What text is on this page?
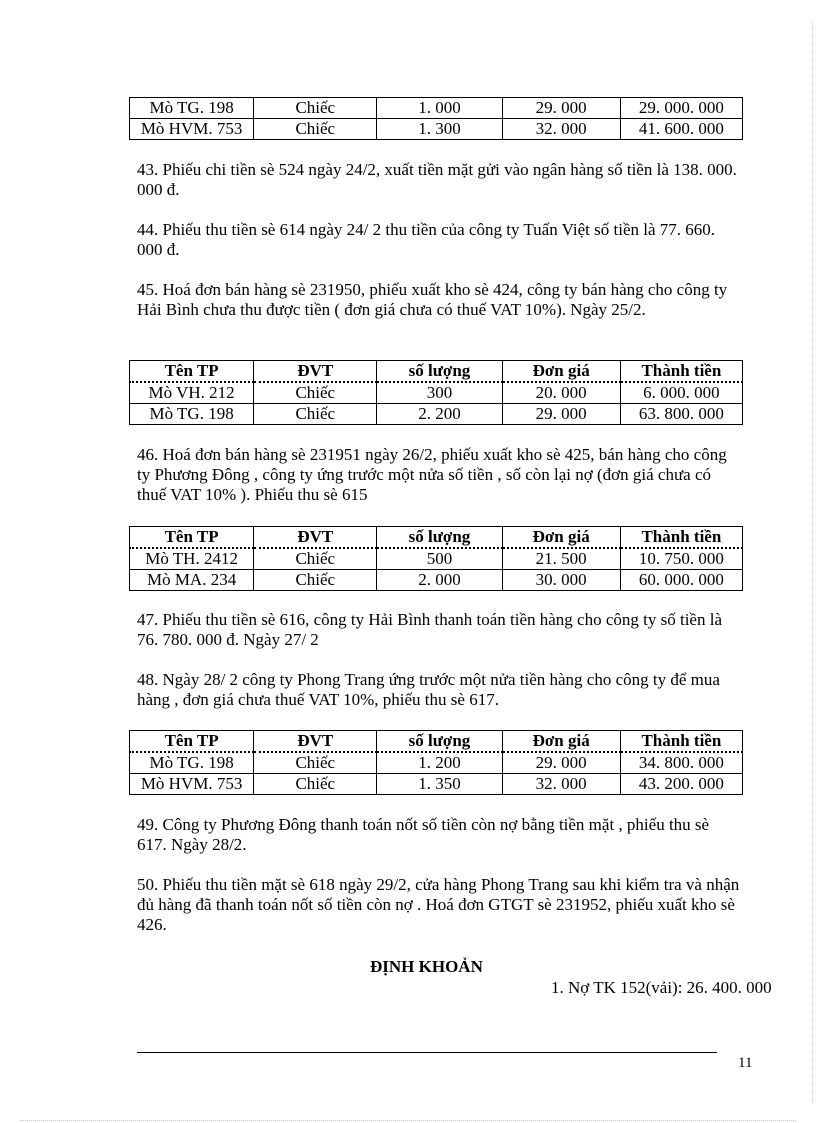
Mò TG. 198	Chiếc	1. 000	29. 000	29. 000. 000
Mò HVM. 753	Chiếc	1. 300	32. 000	41. 600. 000
43. Phiếu chi tiền sè 524 ngày 24/2, xuất tiền mặt gửi vào ngân hàng số tiền là 138. 000. 000 đ.
44. Phiếu thu tiền sè 614 ngày 24/ 2 thu tiền của công ty Tuấn Việt số tiền là 77. 660. 000 đ.
45. Hoá đơn bán hàng sè 231950, phiếu xuất kho sè 424, công ty bán hàng cho công ty Hải Bình chưa thu được tiền ( đơn giá chưa có thuế VAT 10%). Ngày 25/2.
Tên TP	ĐVT	số lượng	Đơn giá	Thành tiền
Mò VH. 212	Chiếc	300	20. 000	6. 000. 000
Mò TG. 198	Chiếc	2. 200	29. 000	63. 800. 000
46. Hoá đơn bán hàng sè 231951 ngày 26/2, phiếu xuất kho sè 425, bán hàng cho công ty Phương Đông , công ty ứng trước một nửa số tiền , số còn lại nợ (đơn giá chưa có thuế VAT 10% ). Phiếu thu sè 615
Tên TP	ĐVT	số lượng	Đơn giá	Thành tiền
Mò TH. 2412	Chiếc	500	21. 500	10. 750. 000
Mò MA. 234	Chiếc	2. 000	30. 000	60. 000. 000
47. Phiếu thu tiền sè 616, công ty Hải Bình thanh toán tiền hàng cho công ty số tiền là 76. 780. 000 đ. Ngày 27/ 2
48. Ngày 28/ 2 công ty Phong Trang ứng trước một nửa tiền hàng cho công ty để mua hàng , đơn giá chưa thuế VAT 10%, phiếu thu sè 617.
Tên TP	ĐVT	số lượng	Đơn giá	Thành tiền
Mò TG. 198	Chiếc	1. 200	29. 000	34. 800. 000
Mò HVM. 753	Chiếc	1. 350	32. 000	43. 200. 000
49. Công ty Phương Đông thanh toán nốt số tiền còn nợ bằng tiền mặt , phiếu thu sè 617. Ngày 28/2.
50. Phiếu thu tiền mặt sè 618 ngày 29/2, cửa hàng Phong Trang sau khi kiểm tra và nhận đủ hàng đã thanh toán nốt số tiền còn nợ . Hoá đơn GTGT sè 231952, phiếu xuất kho sè 426.
ĐỊNH KHOẢN
1. Nợ TK 152(vải): 26. 400. 000
11
